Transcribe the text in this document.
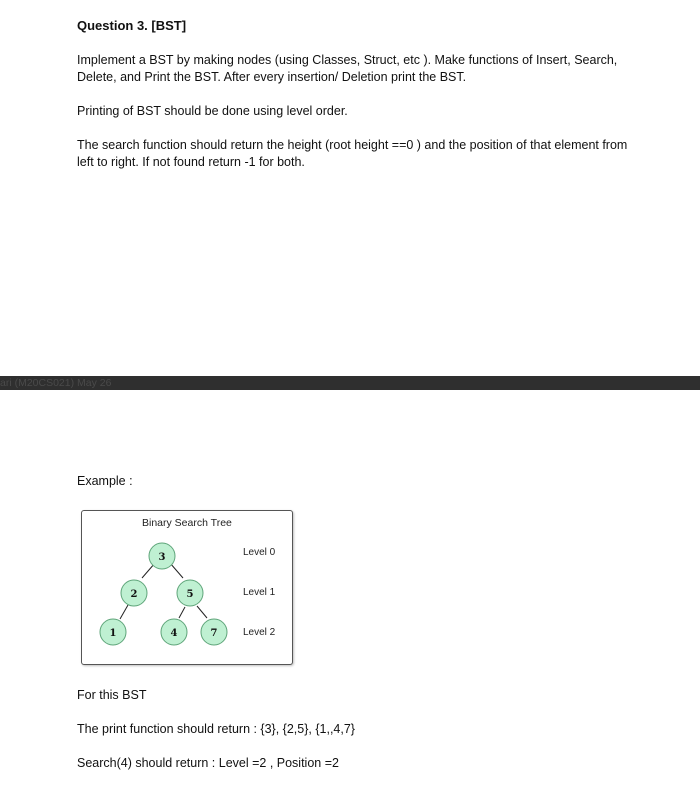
Question 3. [BST]

Implement a BST by making nodes (using Classes, Struct, etc ). Make functions of Insert, Search, Delete, and Print the BST. After every insertion/ Deletion print the BST.

Printing of BST should be done using level order.

The search function should return the height (root height ==0 ) and the position of that element from left to right. If not found return -1 for both.

ari (M20CS021) May 26

Example :

Binary Search Tree
3
2	5
1	4	7
Level 0
Level 1
Level 2

For this BST

The print function should return : {3}, {2,5}, {1,,4,7}

Search(4) should return : Level =2 , Position =2
